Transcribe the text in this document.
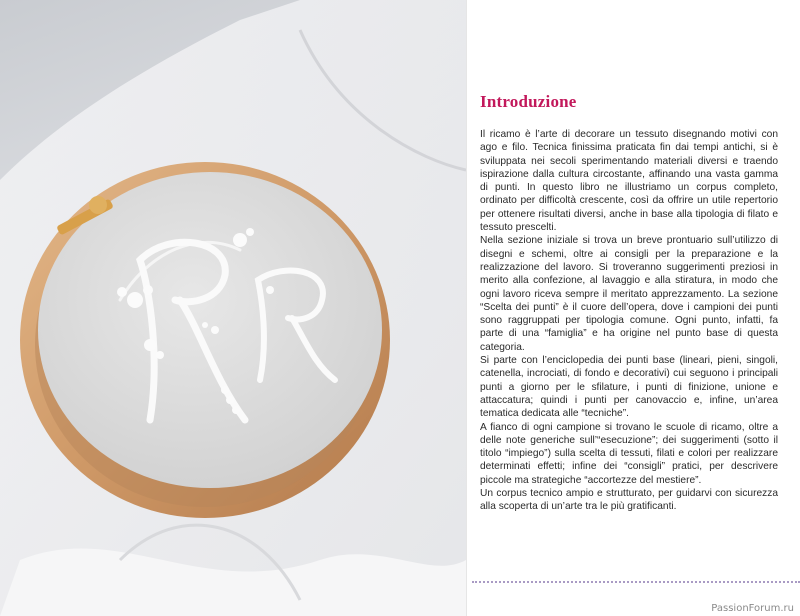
Introduzione

Il ricamo è l’arte di decorare un tessuto disegnando motivi con ago e filo. Tecnica finissima praticata fin dai tempi antichi, si è sviluppata nei secoli sperimentando materiali diversi e traendo ispirazione dalla cultura circostante, affinando una vasta gamma di punti. In questo libro ne illustriamo un corpus completo, ordinato per difficoltà crescente, così da offrire un utile repertorio per ottenere risultati diversi, anche in base alla tipologia di filato e tessuto prescelti.

Nella sezione iniziale si trova un breve prontuario sull’utilizzo di disegni e schemi, oltre ai consigli per la preparazione e la realizzazione del lavoro. Si troveranno suggerimenti preziosi in merito alla confezione, al lavaggio e alla stiratura, in modo che ogni lavoro riceva sempre il meritato apprezzamento. La sezione “Scelta dei punti” è il cuore dell’opera, dove i campioni dei punti sono raggruppati per tipologia comune. Ogni punto, infatti, fa parte di una “famiglia” e ha origine nel punto base di questa categoria.

Si parte con l’enciclopedia dei punti base (lineari, pieni, singoli, catenella, incrociati, di fondo e decorativi) cui seguono i principali punti a giorno per le sfilature, i punti di finizione, unione e attaccatura; quindi i punti per canovaccio e, infine, un’area tematica dedicata alle “tecniche”.

A fianco di ogni campione si trovano le scuole di ricamo, oltre a delle note generiche sull’“esecuzione”; dei suggerimenti (sotto il titolo “impiego”) sulla scelta di tessuti, filati e colori per realizzare determinati effetti; infine dei “consigli” pratici, per descrivere piccole ma strategiche “accortezze del mestiere”.

Un corpus tecnico ampio e strutturato, per guidarvi con sicurezza alla scoperta di un’arte tra le più gratificanti.

PassionForum.ru
